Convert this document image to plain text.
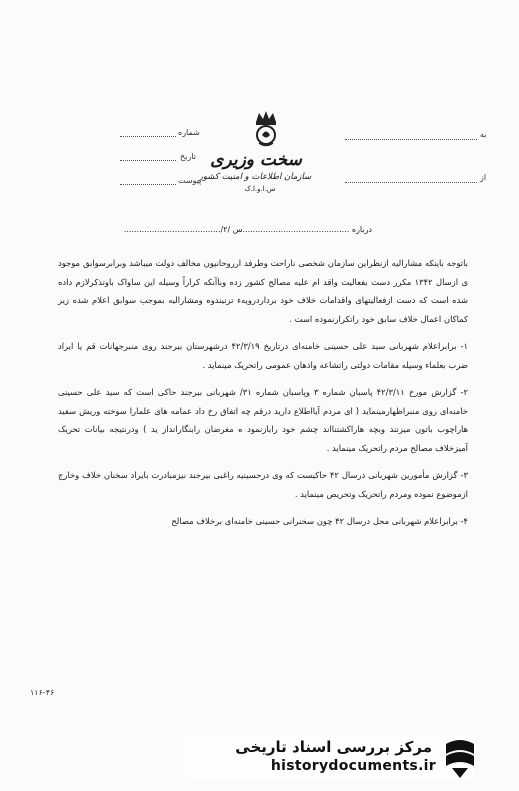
شماره
تاریخ
پیوست
به
از
سخت وزیری
سازمان اطلاعات و امنیت کشور
س.ا.و.ا.ک
درباره ..........................................س /۲/......................................

باتوجه باینکه مشارالیه ازنظراین سازمان شخصی ناراحت وطرفد ارروحانیون مخالف دولت میباشد وبرابرسوابق موجود ی ازسال ۱۳۴۲ مکرر دست بفعالیت واقد ام علیه مصالح کشور زده وباآنکه کراراً وسیله این ساواک باوتذکرلازم داده شده است که دست ازفعالیتهای واقدامات خلاف خود برداردرویه‌ء ترنیندوه ومشارالیه بموجب سوابق اعلام شده زیر کماکان اعمال خلاف سابق خود راتکرارنموده است .

۱- برابراعلام شهربانی سید علی حسینی خامنه‌ای درتاریخ ۴۲/۳/۱۹ درشهرستان بیرجند روی منبرجهانات قم یا ایراد ضرب بعلماء وسیله مقامات دولتی راتشاعه واذهان عمومی راتحریک مینماید .

۲- گزارش مورخ ۴۲/۳/۱۱ پاسبان شماره ۳ وپاسبان شماره ۳۱/ شهربانی بیرجند حاکی است که سید علی حسینی خامنه‌ای روی منبراظهارمینماید ( ای مردم آیااطلاع دارید درقم چه اتفاق رخ داد عمامه های علمارا سوخته وریش سفید هاراچوب باتون میزنند وبچه هاراکشتنااند چشم خود رابازنمود ه مغرضان رابنگارانداز ید ) ودرنتیجه بیانات تحریک آمیزخلاف مصالح مردم راتحریک مینماید .

۳- گزارش مأمورین شهربانی درسال ۴۲ حاکیست که وی درحسینیه راغبی بیرجند نیزمبادرت بایراد سخنان خلاف وخارج ازموضوع نموده ومردم راتحریک وتحریص مینماید .

۴- برابراعلام شهربانی محل درسال ۴۲ چون سخنرانی حسینی خامنه‌ای برخلاف مصالح

۱۱۶-۴۶
مرکز بررسی اسناد تاریخی
historydocuments.ir
